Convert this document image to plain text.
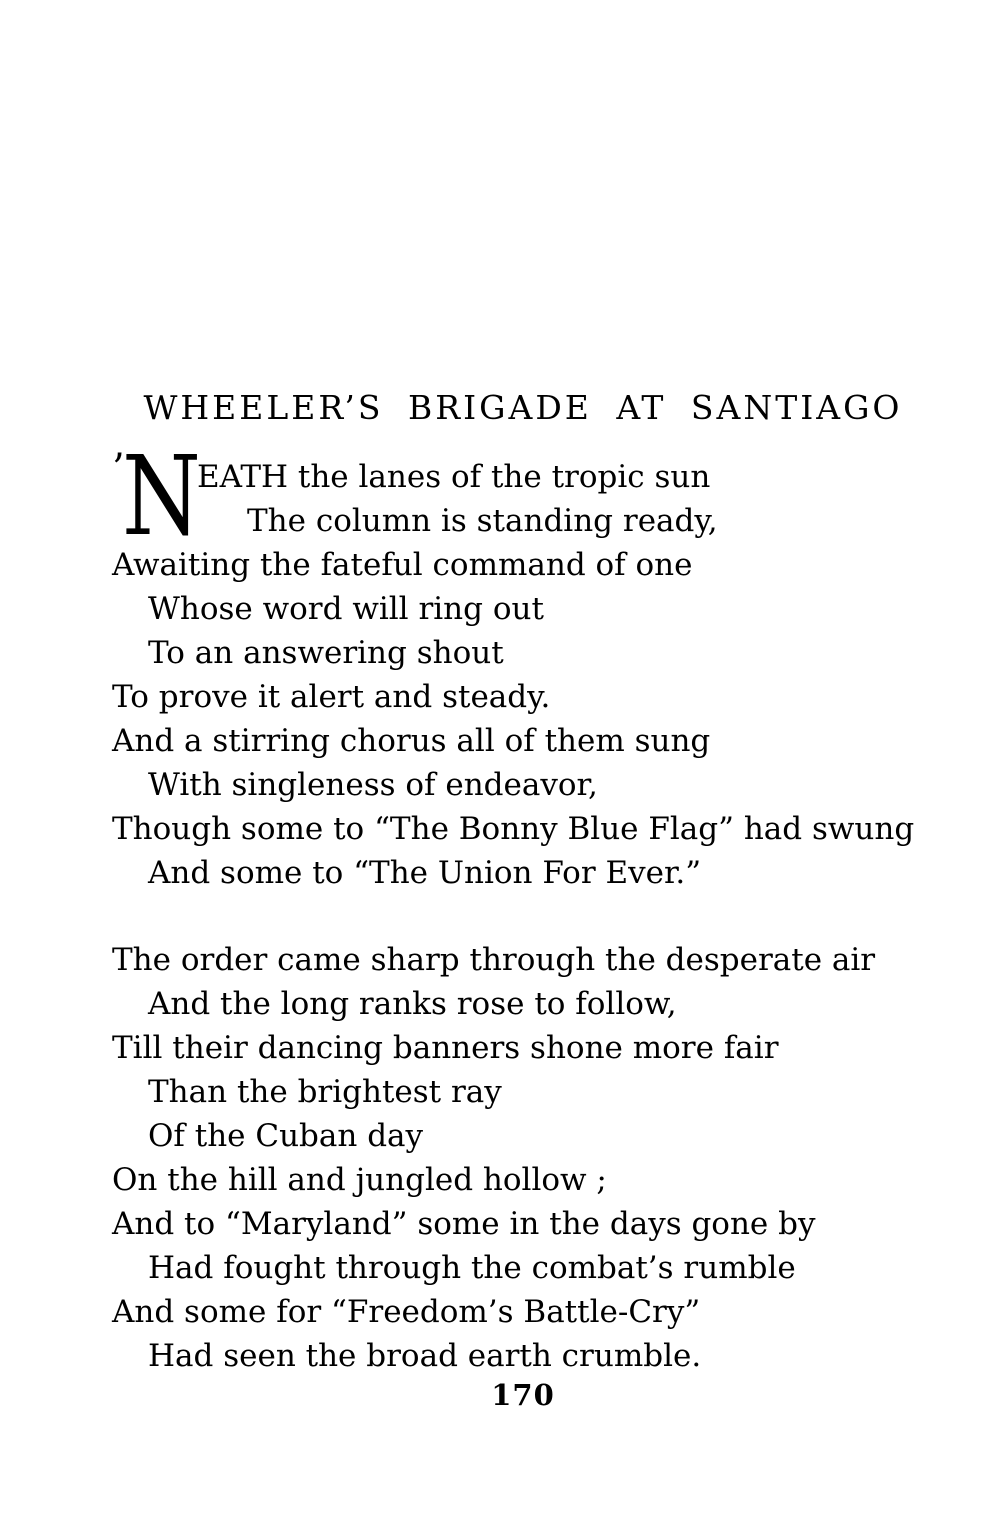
WHEELER’S BRIGADE AT SANTIAGO
’
N
EATH the lanes of the tropic sun
The column is standing ready,
Awaiting the fateful command of one
Whose word will ring out
To an answering shout
To prove it alert and steady.
And a stirring chorus all of them sung
With singleness of endeavor,
Though some to “The Bonny Blue Flag” had swung
And some to “The Union For Ever.”
The order came sharp through the desperate air
And the long ranks rose to follow,
Till their dancing banners shone more fair
Than the brightest ray
Of the Cuban day
On the hill and jungled hollow ;
And to “Maryland” some in the days gone by
Had fought through the combat’s rumble
And some for “Freedom’s Battle-Cry”
Had seen the broad earth crumble.
170
